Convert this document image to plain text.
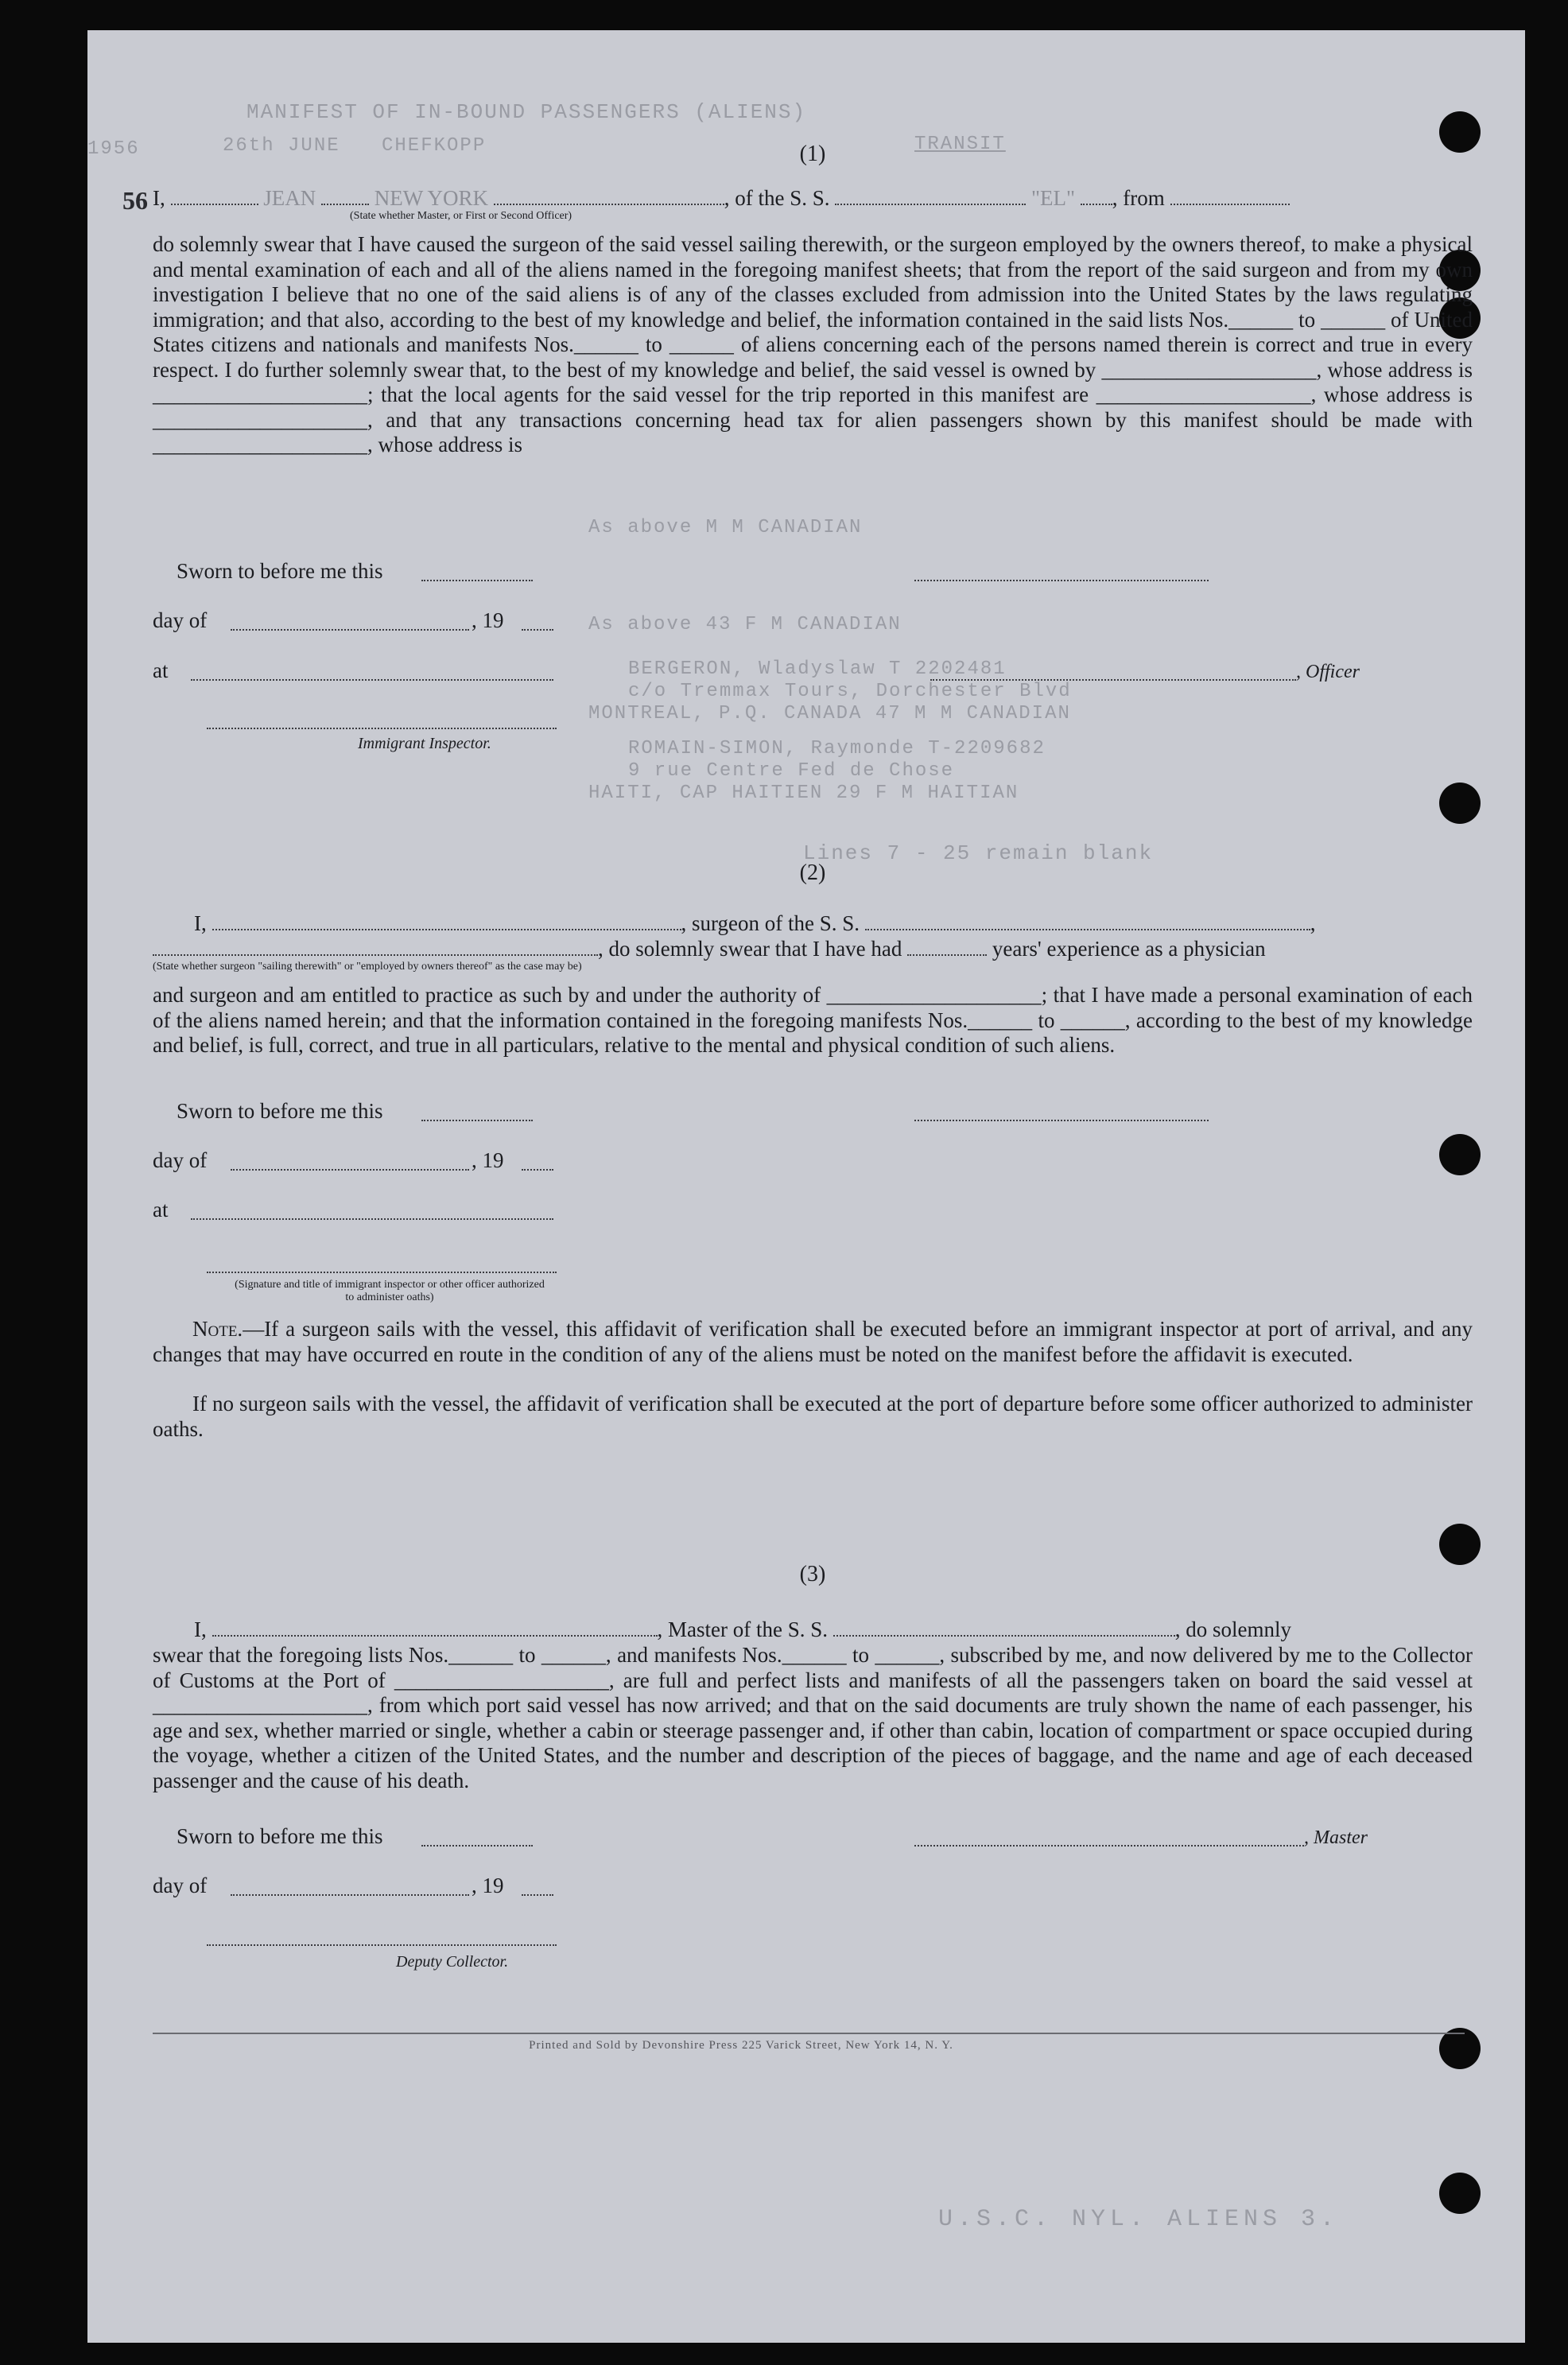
MANIFEST OF IN-BOUND PASSENGERS (ALIENS)
26th JUNE CHEFKOPP
1956	TRANSIT
56
As above M M CANADIAN
As above 43 F M CANADIAN
BERGERON, Wladyslaw T 2202481
c/o Tremmax Tours, Dorchester Blvd
MONTREAL, P.Q. CANADA 47 M M CANADIAN
ROMAIN-SIMON, Raymonde T-2209682
9 rue Centre Fed de Chose
HAITI, CAP HAITIEN 29 F M HAITIAN
Lines 7 - 25 remain blank
(1)
I,	JEAN	NEW YORK	, of the S. S.	"EL" , from
(State whether Master, or First or Second Officer)
do solemnly swear that I have caused the surgeon of the said vessel sailing therewith, or the surgeon employed by the owners thereof, to make a physical and mental examination of each and all of the aliens named in the foregoing manifest sheets; that from the report of the said surgeon and from my own investigation I believe that no one of the said aliens is of any of the classes excluded from admission into the United States by the laws regulating immigration; and that also, according to the best of my knowledge and belief, the information contained in the said lists Nos.______ to ______ of United States citizens and nationals and manifests Nos.______ to ______ of aliens concerning each of the persons named therein is correct and true in every respect. I do further solemnly swear that, to the best of my knowledge and belief, the said vessel is owned by ____________________, whose address is ____________________; that the local agents for the said vessel for the trip reported in this manifest are ____________________, whose address is ____________________, and that any transactions concerning head tax for alien passengers shown by this manifest should be made with ____________________, whose address is
Sworn to before me this
day of	, 19
at	, Officer
Immigrant Inspector.
(2)
I,	, surgeon of the S. S.	,
, do solemnly swear that I have had	years' experience as a physician
(State whether surgeon "sailing therewith" or "employed by owners thereof" as the case may be)
and surgeon and am entitled to practice as such by and under the authority of ____________________; that I have made a personal examination of each of the aliens named herein; and that the information contained in the foregoing manifests Nos.______ to ______, according to the best of my knowledge and belief, is full, correct, and true in all particulars, relative to the mental and physical condition of such aliens.
Sworn to before me this
day of	, 19
at
(Signature and title of immigrant inspector or other officer authorized to administer oaths)
Note.—If a surgeon sails with the vessel, this affidavit of verification shall be executed before an immigrant inspector at port of arrival, and any changes that may have occurred en route in the condition of any of the aliens must be noted on the manifest before the affidavit is executed.
If no surgeon sails with the vessel, the affidavit of verification shall be executed at the port of departure before some officer authorized to administer oaths.
(3)
I,	, Master of the S. S.	, do solemnly
swear that the foregoing lists Nos.______ to ______, and manifests Nos.______ to ______, subscribed by me, and now delivered by me to the Collector of Customs at the Port of ____________________, are full and perfect lists and manifests of all the passengers taken on board the said vessel at ____________________, from which port said vessel has now arrived; and that on the said documents are truly shown the name of each passenger, his age and sex, whether married or single, whether a cabin or steerage passenger and, if other than cabin, location of compartment or space occupied during the voyage, whether a citizen of the United States, and the number and description of the pieces of baggage, and the name and age of each deceased passenger and the cause of his death.
Sworn to before me this	, Master
day of	, 19
Deputy Collector.
Printed and Sold by Devonshire Press 225 Varick Street, New York 14, N. Y.
U.S.C. NYL. ALIENS 3.
